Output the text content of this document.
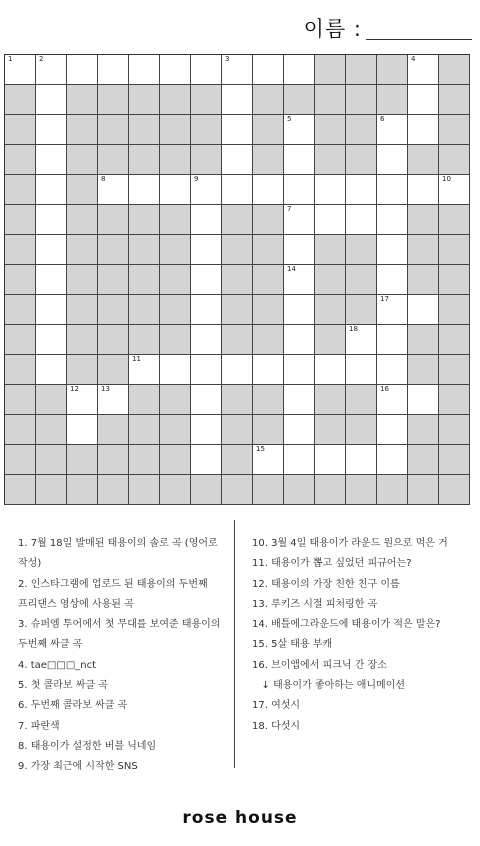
이름 :
1	2	3	4
5	6
8	9	10
7
14
17
18
11
12	13	16
15
1. 7월 18일 발매된 태용이의 솔로 곡 (영어로
작성)
2. 인스타그램에 업로드 된 태용이의 두번째
프리댄스 영상에 사용된 곡
3. 슈퍼엠 투어에서 첫 무대를 보여준 태용이의
두번째 싸클 곡
4. tae□□□_nct
5. 첫 콜라보 싸클 곡
6. 두번째 콜라보 싸클 곡
7. 파란색
8. 태용이가 설정한 버블 닉네임
9. 가장 최근에 시작한 SNS
10. 3월 4일 태용이가 라운드 원으로 먹은 거
11. 태용이가 뽑고 싶었던 피규어는?
12. 태용이의 가장 친한 친구 이름
13. 루키즈 시절 피처링한 곡
14. 배틀에그라운드에 태용이가 적은 말은?
15. 5살 태용 부캐
16. 브이앱에서 피크닉 간 장소
↓ 태용이가 좋아하는 애니메이션
17. 여섯시
18. 다섯시
rose house
